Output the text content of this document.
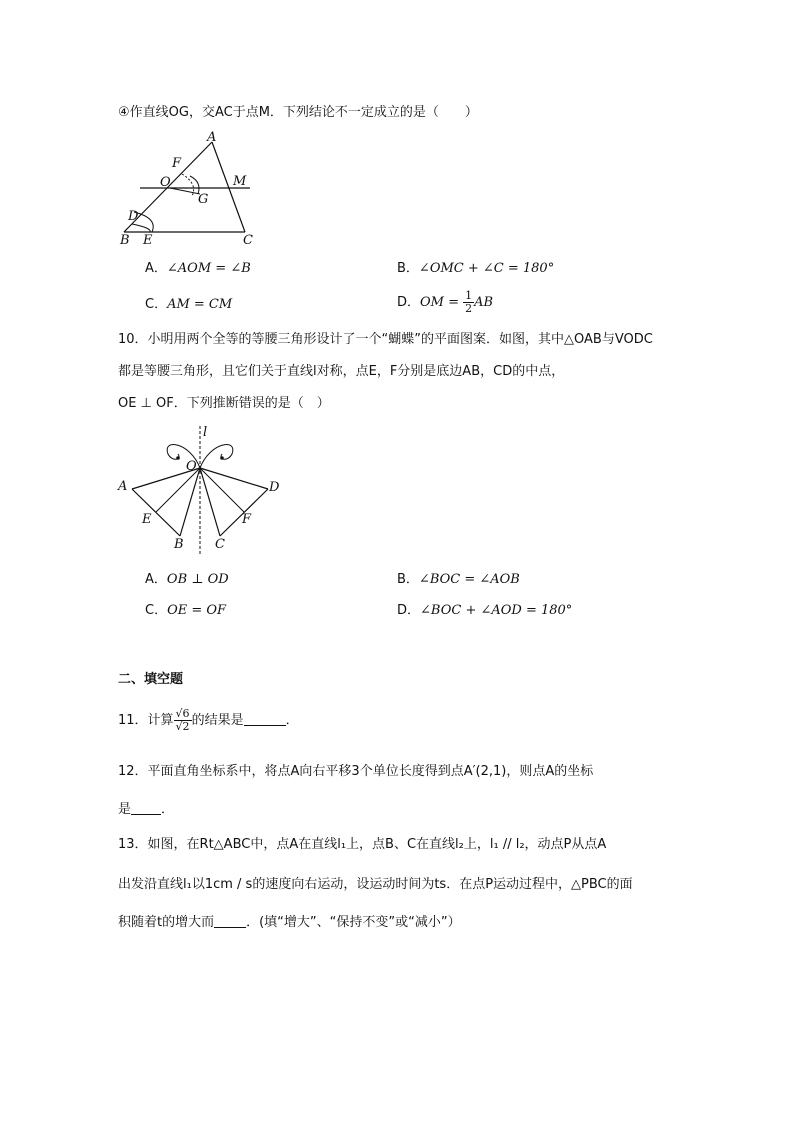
④作直线OG，交AC于点M．下列结论不一定成立的是（　　）
A
F
O	M
G
D
B E	C
A．∠AOM = ∠B	B．∠OMC + ∠C = 180°
C．AM = CM	D．OM = $\frac{1}{2}$ AB
10．小明用两个全等的等腰三角形设计了一个“蝴蝶”的平面图案．如图，其中△OAB与VODC
都是等腰三角形，且它们关于直线l对称，点E，F分别是底边AB，CD的中点，
OE ⊥ OF．下列推断错误的是（　）
l
O
A	D
E	F
B C
A．OB ⊥ OD	B．∠BOC = ∠AOB
C．OE = OF	D．∠BOC + ∠AOD = 180°
二、填空题
11．计算 $\frac{√6}{√2}$ 的结果是	．
12．平面直角坐标系中，将点A向右平移3个单位长度得到点A′(2,1)，则点A的坐标
是 ．
13．如图，在Rt△ABC中，点A在直线l₁上，点B、C在直线l₂上，l₁ // l₂，动点P从点A
出发沿直线l₁以1cm / s的速度向右运动，设运动时间为ts．在点P运动过程中，△PBC的面
积随着t的增大而 ．(填“增大”、“保持不变”或“减小”）
